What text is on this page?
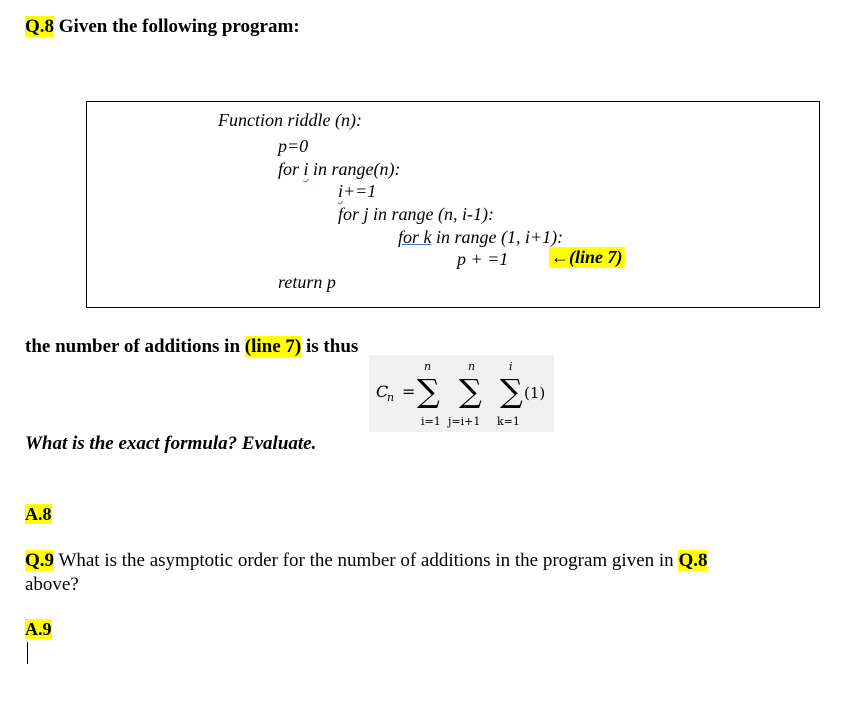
Q.8 Given the following program:
Function riddle (n):
p=0
for i in range(n):
i+=1
for j in range (n, i-1):
for k in range (1, i+1):
p + =1 ←(line 7)
return p
the number of additions in (line 7) is thus
C
n =
n
∑
i=1
n
∑
j=i+1
i
∑
k=1
(1)
What is the exact formula? Evaluate.
A.8
Q.9 What is the asymptotic order for the number of additions in the program given in Q.8
above?
A.9
